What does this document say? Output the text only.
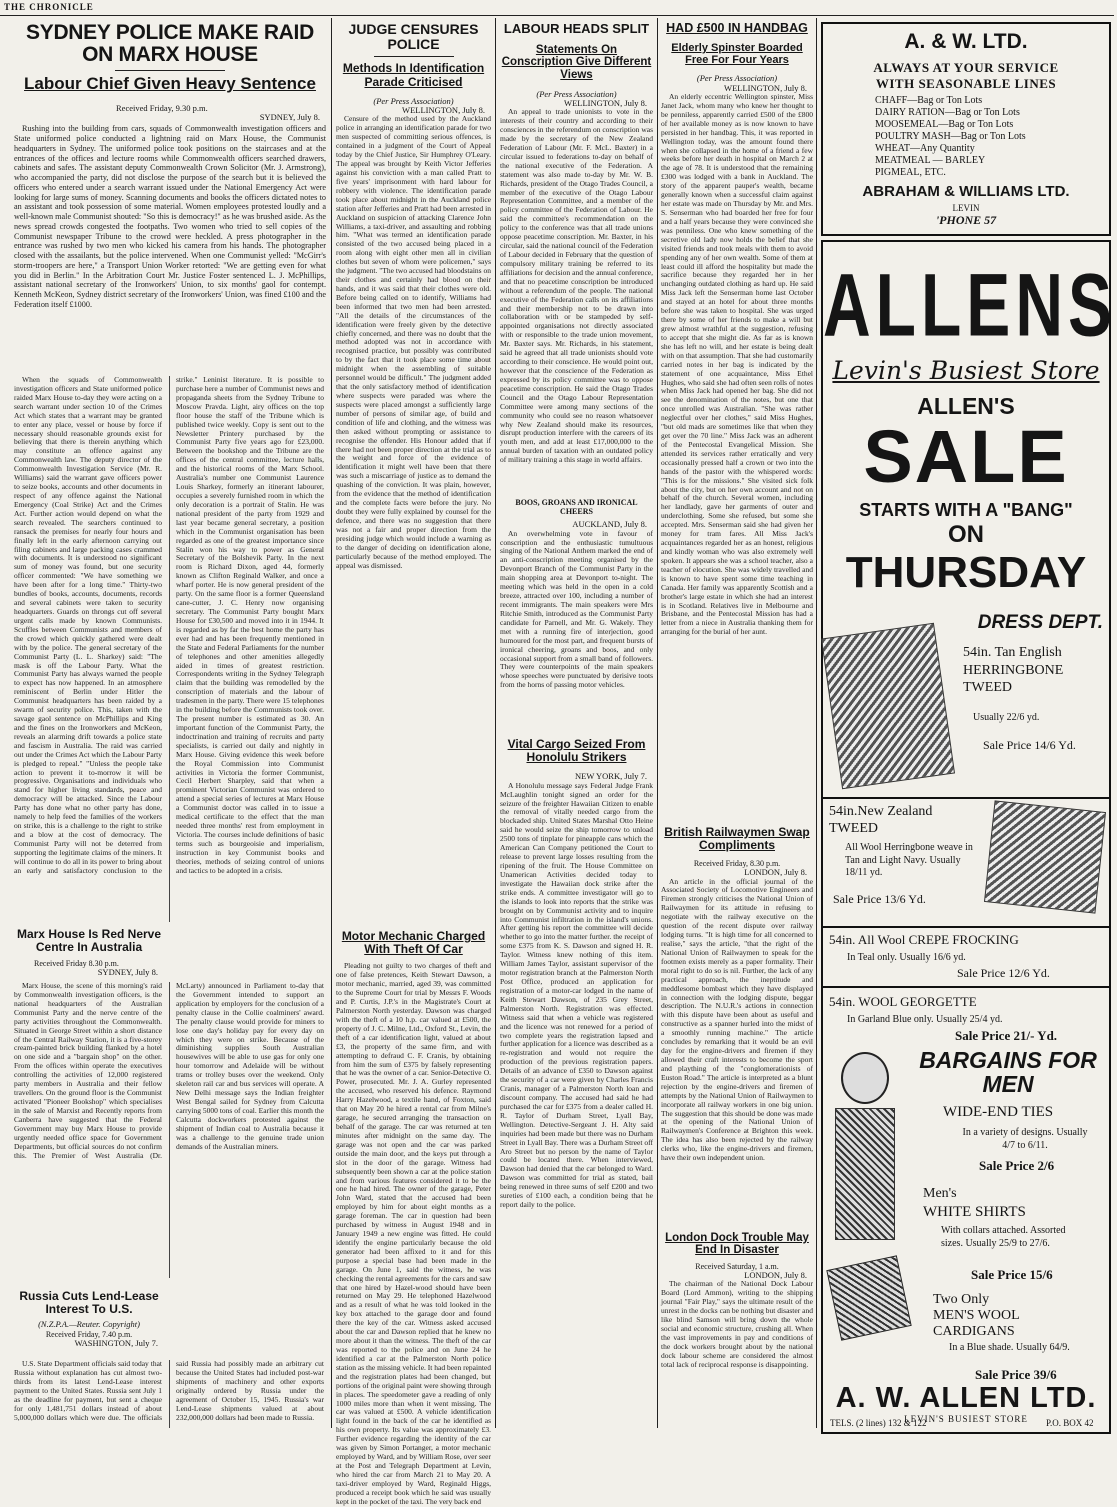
THE CHRONICLE
SYDNEY POLICE MAKE RAID ON MARX HOUSE
Labour Chief Given Heavy Sentence
Received Friday, 9.30 p.m.
SYDNEY, July 8.

Rushing into the building from cars, squads of Commonwealth investigation officers and State uniformed police conducted a lightning raid on Marx House, the Communist headquarters in Sydney. The uniformed police took positions on the staircases and at the entrances of the offices and lecture rooms while Commonwealth officers searched drawers, cabinets and safes. The assistant deputy Commonwealth Crown Solicitor (Mr. J. Armstrong), who accompanied the party, did not disclose the purpose of the search but it is believed the officers who entered under a search warrant issued under the National Emergency Act were looking for large sums of money. Scanning documents and books the officers dictated notes to an assistant and took possession of some material. Women employees protested loudly and a well-known male Communist shouted: "So this is democracy!" as he was brushed aside. As the news spread crowds congested the footpaths. Two women who tried to sell copies of the Communist newspaper Tribune to the crowd were heckled. A press photographer in the entrance was rushed by two men who kicked his camera from his hands. The photographer closed with the assailants, but the police intervened. When one Communist yelled: "McGirr's storm-troopers are here," a Transport Union Worker retorted: "We are getting even for what you did in Berlin." In the Arbitration Court Mr. Justice Foster sentenced L. J. McPhillips, assistant national secretary of the Ironworkers' Union, to six months' gaol for contempt. Kenneth McKeon, Sydney district secretary of the Ironworkers' Union, was fined £100 and the Federation itself £1000.

When the squads of Commonwealth investigation officers and State uniformed police raided Marx House to-day they were acting on a search warrant under section 10 of the Crimes Act which states that a warrant may be granted to enter any place, vessel or house by force if necessary should reasonable grounds exist for believing that there is therein anything which may constitute an offence against any Commonwealth law. The deputy director of the Commonwealth Investigation Service (Mr. R. Williams) said the warrant gave officers power to seize books, accounts and other documents in respect of any offence against the National Emergency (Coal Strike) Act and the Crimes Act. Further action would depend on what the search revealed. The searchers continued to ransack the premises for nearly four hours and finally left in the early afternoon carrying out filing cabinets and large packing cases crammed with documents. It is understood no significant sum of money was found, but one security officer commented: "We have something we have been after for a long time." Thirty-two bundles of books, accounts, documents, records and several cabinets were taken to security headquarters. Guards on throngs cut off several urgent calls made by known Communists. Scuffles between Communists and members of the crowd which quickly gathered were dealt with by the police. The general secretary of the Communist Party (L. L. Sharkey) said: "The mask is off the Labour Party. What the Communist Party has always warned the people to expect has now happened. In an atmosphere reminiscent of Berlin under Hitler the Communist headquarters has been raided by a swarm of security police. This, taken with the savage gaol sentence on McPhillips and King and the fines on the Ironworkers and McKeon, reveals an alarming drift towards a police state and fascism in Australia. The raid was carried out under the Crimes Act which the Labour Party is pledged to repeal." "Unless the people take action to prevent it to-morrow it will be progressive. Organisations and individuals who stand for higher living standards, peace and democracy will be attacked. Since the Labour Party has done what no other party has done, namely to help feed the families of the workers on strike, this is a challenge to the right to strike and a blow at the cost of democracy. The Communist Party will not be deterred from supporting the legitimate claims of the miners. It will continue to do all in its power to bring about an early and satisfactory conclusion to the strike." Leninist literature. It is possible to purchase here a number of Communist news and propaganda sheets from the Sydney Tribune to Moscow Pravda. Light, airy offices on the top floor house the staff of the Tribune which is published twice weekly. Copy is sent out to the Newsletter Printery purchased by the Communist Party five years ago for £23,000. Between the bookshop and the Tribune are the offices of the central committee, lecture halls, and the historical rooms of the Marx School. Australia's number one Communist Laurence Louis Sharkey, formerly an itinerant labourer, occupies a severely furnished room in which the only decoration is a portrait of Stalin. He was national president of the party from 1929 and last year became general secretary, a position which in the Communist organisation has been regarded as one of the greatest importance since Stalin won his way to power as General Secretary of the Bolshevik Party. In the next room is Richard Dixon, aged 44, formerly known as Clifton Reginald Walker, and once a wharf porter. He is now general president of the party. On the same floor is a former Queensland cane-cutter, J. C. Henry now organising secretary. The Communist Party bought Marx House for £30,500 and moved into it in 1944. It is regarded as by far the best home the party has ever had and has been frequently mentioned in the State and Federal Parliaments for the number of telephones and other amenities allegedly aided in times of greatest restriction. Correspondents writing in the Sydney Telegraph claim that the building was remodelled by the conscription of materials and the labour of tradesmen in the party. There were 15 telephones in the building before the Communists took over. The present number is estimated as 30. An important function of the Communist Party, the indoctrination and training of recruits and party specialists, is carried out daily and nightly in Marx House. Giving evidence this week before the Royal Commission into Communist activities in Victoria the former Communist, Cecil Herbert Sharpley, said that when a prominent Victorian Communist was ordered to attend a special series of lectures at Marx House a Communist doctor was called in to issue a medical certificate to the effect that the man needed three months' rest from employment in Victoria. The courses include definitions of basic terms such as bourgeoisie and imperialism, instruction in key Communist books and theories, methods of seizing control of unions and tactics to be adopted in a crisis.
Marx House Is Red Nerve Centre In Australia
Received Friday 8.30 p.m.
SYDNEY, July 8.
Marx House, the scene of this morning's raid by Commonwealth investigation officers, is the national headquarters of the Australian Communist Party and the nerve centre of the party activities throughout the Commonwealth. Situated in George Street within a short distance of the Central Railway Station, it is a five-storey cream-painted brick building flanked by a hotel on one side and a "bargain shop" on the other. From the offices within operate the executives controlling the activities of 12,000 registered party members in Australia and their fellow travellers. On the ground floor is the Communist activated "Pioneer Bookshop" which specialises in the sale of Marxist and Recently reports from Canberra have suggested that the Federal Government may buy Marx House to provide urgently needed office space for Government Departments, but official sources do not confirm this. The Premier of West Australia (Dr. McLarty) announced in Parliament to-day that the Government intended to support an application by employers for the conclusion of a penalty clause in the Collie coalminers' award. The penalty clause would provide for miners to lose one day's holiday pay for every day on which they were on strike. Because of the diminishing supplies South Australian housewives will be able to use gas for only one hour tomorrow and Adelaide will be without trams or trolley buses over the weekend. Only skeleton rail car and bus services will operate. A New Delhi message says the Indian freighter West Bengal sailed for Sydney from Calcutta carrying 5000 tons of coal. Earlier this month the Calcutta dockworkers protested against the shipment of Indian coal to Australia because it was a challenge to the genuine trade union demands of the Australian miners.
Russia Cuts Lend-Lease Interest To U.S.
(N.Z.P.A.—Reuter. Copyright)
Received Friday, 7.40 p.m.
WASHINGTON, July 7.
U.S. State Department officials said today that Russia without explanation has cut almost two-thirds from its latest Lend-Lease interest payment to the United States. Russia sent July 1 as the deadline for payment, but sent a cheque for only 1,481,751 dollars instead of about 5,000,000 dollars which were due. The officials said Russia had possibly made an arbitrary cut because the United States had included post-war shipments of machinery and other exports originally ordered by Russia under the agreement of October 15, 1945. Russia's war Lend-Lease shipments valued at about 232,000,000 dollars had been made to Russia.
JUDGE CENSURES POLICE
Methods In Identification Parade Criticised
(Per Press Association)
WELLINGTON, July 8.

Censure of the method used by the Auckland police in arranging an identification parade for two men suspected of committing serious offences, is contained in a judgment of the Court of Appeal today by the Chief Justice, Sir Humphrey O'Leary. The appeal was brought by Keith Victor Jefferies against his conviction with a man called Pratt to five years' imprisonment with hard labour for robbery with violence. The identification parade took place about midnight in the Auckland police station after Jefferies and Pratt had been arrested in Auckland on suspicion of attacking Clarence John Williams, a taxi-driver, and assaulting and robbing him. "What was termed an identification parade consisted of the two accused being placed in a room along with eight other men all in civilian clothes but seven of whom were policemen," says the judgment. "The two accused had bloodstains on their clothes and certainly had blood on their hands, and it was said that their clothes were old. Before being called on to identify, Williams had been informed that two men had been arrested. "All the details of the circumstances of the identification were freely given by the detective chiefly concerned, and there was no doubt that the method adopted was not in accordance with recognised practice, but possibly was contributed to by the fact that it took place some time about midnight when the assembling of suitable personnel would be difficult." The judgment added that the only satisfactory method of identification where suspects were paraded was where the suspects were placed amongst a sufficiently large number of persons of similar age, of build and condition of life and clothing, and the witness was then asked without prompting or assistance to recognise the offender. His Honour added that if there had not been proper direction at the trial as to the weight and force of the evidence of identification it might well have been that there was such a miscarriage of justice as to demand the quashing of the conviction. It was plain, however, from the evidence that the method of identification and the complete facts were before the jury. No doubt they were fully explained by counsel for the defence, and there was no suggestion that there was not a fair and proper direction from the presiding judge which would include a warning as to the danger of deciding on identification alone, particularly because of the method employed. The appeal was dismissed.

Motor Mechanic Charged With Theft Of Car

Pleading not guilty to two charges of theft and one of false pretences, Keith Stewart Dawson, a motor mechanic, married, aged 39, was committed to the Supreme Court for trial by Messrs F. Woods and P. Curtis, J.P.'s in the Magistrate's Court at Palmerston North yesterday. Dawson was charged with the theft of a 10 h.p. car valued at £500, the property of J. C. Milne, Ltd., Oxford St., Levin, the theft of a car identification light, valued at about £3, the property of the same firm, and with attempting to defraud C. F. Cranis, by obtaining from him the sum of £375 by falsely representing that he was the owner of a car. Senior-Detective O. Power, prosecuted. Mr. J. A. Gurley represented the accused, who reserved his defence. Raymond Harry Hazelwood, a textile hand, of Foxton, said that on May 20 he hired a rental car from Milne's garage, he secured arranging the transaction on behalf of the garage. The car was returned at ten minutes after midnight on the same day. The garage was not open and the car was parked outside the main door, and the keys put through a slot in the door of the garage. Witness had subsequently been shown a car at the police station and from various features considered it to be the one he had hired. The owner of the garage, Peter John Ward, stated that the accused had been employed by him for about eight months as a garage foreman. The car in question had been purchased by witness in August 1948 and in January 1949 a new engine was fitted. He could identify the engine particularly because the old generator had been affixed to it and for this purpose a special base had been made in the garage. On June 1, said the witness, he was checking the rental agreements for the cars and saw that one hired by Hazel-wood should have been returned on May 29. He telephoned Hazelwood and as a result of what he was told looked in the key box attached to the garage door and found there the key of the car. Witness asked accused about the car and Dawson replied that he knew no more about it than the witness. The theft of the car was reported to the police and on June 24 he identified a car at the Palmerston North police station as the missing vehicle. It had been repainted and the registration plates had been changed, but portions of the original paint were showing through in places. The speedometer gave a reading of only 1000 miles more than when it went missing. The car was valued at £500. A vehicle identification light found in the back of the car he identified as his own property. Its value was approximately £3. Further evidence regarding the identity of the car was given by Simon Portanger, a motor mechanic employed by Ward, and by William Rose, over seer at the Post and Telegraph Department at Levin, who hired the car from March 21 to May 20. A taxi-driver employed by Ward, Reginald Higgs, produced a receipt book which he said was usually kept in the pocket of the taxi. The very back end

LABOUR HEADS SPLIT
Statements On Conscription Give Different Views
(Per Press Association)
WELLINGTON, July 8.

An appeal to trade unionists to vote in the interests of their country and according to their consciences in the referendum on conscription was made by the secretary of the New Zealand Federation of Labour (Mr. F. McL. Baxter) in a circular issued to federations to-day on behalf of the national executive of the Federation. A statement was also made to-day by Mr. W. B. Richards, president of the Otago Trades Council, a member of the executive of the Otago Labour Representation Committee, and a member of the policy committee of the Federation of Labour. He said the committee's recommendation on the policy to the conference was that all trade unions oppose peacetime conscription. Mr. Baxter, in his circular, said the national council of the Federation of Labour decided in February that the question of compulsory military training be referred to its affiliations for decision and the annual conference, and that no peacetime conscription be introduced without a referendum of the people. The national executive of the Federation calls on its affiliations and their membership not to be drawn into collaboration with or be stampeded by self-appointed organisations not directly associated with or responsible to the trade union movement, Mr. Baxter says. Mr. Richards, in his statement, said he agreed that all trade unionists should vote according to their conscience. He would point out, however that the conscience of the Federation as expressed by its policy committee was to oppose peacetime conscription. He said the Otago Trades Council and the Otago Labour Representation Committee were among many sections of the community who could see no reason whatsoever why New Zealand should make its resources, disrupt production interfere with the careers of its youth men, and add at least £17,000,000 to the annual burden of taxation with an outdated policy of military training a this stage in world affairs.

BOOS, GROANS AND IRONICAL CHEERS
AUCKLAND, July 8.

An overwhelming vote in favour of conscription and the enthusiastic tumultuous singing of the National Anthem marked the end of an anti-conscription meeting organised by the Devonport Branch of the Communist Party in the main shopping area at Devonport to-night. The meeting which was held in the open in a cold breeze, attracted over 100, including a number of recent immigrants. The main speakers were Mrs Ritchie Smith, introduced as the Communist Party candidate for Parnell, and Mr. G. Wakely. They met with a running fire of interjection, good humoured for the most part, and frequent bursts of ironical cheering, groans and boos, and only occasional support from a small band of followers. They were counterpoints of the main speakers whose speeches were punctuated by derisive toots from the horns of passing motor vehicles.

Vital Cargo Seized From Honolulu Strikers
NEW YORK, July 7.

A Honolulu message says Federal Judge Frank McLaughlin tonight signed an order for the seizure of the freighter Hawaiian Citizen to enable the removal of vitally needed cargo from the blockaded ship. United States Marshal Otto Heine said he would seize the ship tomorrow to unload 2500 tons of tinplate for pineapple cans which the American Can Company petitioned the Court to release to prevent large losses resulting from the ripening of the fruit. The House Committee on Unamerican Activities decided today to investigate the Hawaiian dock strike after the strike ends. A committee investigator will go to the islands to look into reports that the strike was brought on by Communist activity and to inquire into Communist infiltration in the island's unions. After getting his report the committee will decide whether to go into the matter further. the receipt of some £375 from K. S. Dawson and signed H. R. Taylor. Witness knew nothing of this item. William James Taylor, assistant supervisor of the motor registration branch at the Palmerston North Post Office, produced an application for registration of a motor-car lodged in the name of Keith Stewart Dawson, of 235 Grey Street, Palmerston North. Registration was effected. Witness said that when a vehicle was registered and the licence was not renewed for a period of two complete years the registration lapsed and further application for a licence was described as a re-registration and would not require the production of the previous registration papers. Details of an advance of £350 to Dawson against the security of a car were given by Charles Francis Cranis, manager of a Palmerston North loan and discount company. The accused had said he had purchased the car for £375 from a dealer called H. R. Taylor of Durham Street, Lyall Bay, Wellington. Detective-Sergeant J. H. Alty said inquiries had been made but there was no Durham Street in Lyall Bay. There was a Durham Street off Aro Street but no person by the name of Taylor could be located there. When interviewed, Dawson had denied that the car belonged to Ward. Dawson was committed for trial as stated, bail being renewed in three sums of self £200 and two sureties of £100 each, a condition being that he report daily to the police.

HAD £500 IN HANDBAG
Elderly Spinster Boarded Free For Four Years
(Per Press Association)
WELLINGTON, July 8.

An elderly eccentric Wellington spinster, Miss Janet Jack, whom many who knew her thought to be penniless, apparently carried £500 of the £800 of her available money as is now known to have persisted in her handbag. This, it was reported in Wellington today, was the amount found there when she collapsed in the home of a friend a few weeks before her death in hospital on March 2 at the age of 78. It is understood that the remaining £300 was lodged with a bank in Auckland. The story of the apparent pauper's wealth, became generally known when a successful claim against her estate was made on Thursday by Mr. and Mrs. S. Senserman who had boarded her free for four and a half years because they were convinced she was penniless. One who knew something of the secretive old lady now holds the belief that she visited friends and took meals with them to avoid spending any of her own wealth. Some of them at least could ill afford the hospitality but made the sacrifice because they regarded her in her unchanging outdated clothing as hard up. He said Miss Jack left the Senserman home last October and stayed at an hotel for about three months before she was taken to hospital. She was urged there by some of her friends to make a will but grew almost wrathful at the suggestion, refusing to accept that she might die. As far as is known she has left no will, and her estate is being dealt with on that assumption. That she had customarily carried notes in her bag is indicated by the statement of one acquaintance, Miss Ethel Hughes, who said she had often seen rolls of notes when Miss Jack had opened her bag. She did not see the denomination of the notes, but one that once unrolled was Australian. "She was rather neglectful over her clothes," said Miss Hughes, "but old mads are sometimes like that when they get over the 70 line." Miss Jack was an adherent of the Pentecostal Evangelical Mission. She attended its services rather erratically and very occasionally pressed half a crown or two into the hands of the pastor with the whispered words: "This is for the missions." She visited sick folk about the city, but on her own account and not on behalf of the church. Several women, including her landlady, gave her garments of outer and underclothing. Some she refused, but some she accepted. Mrs. Senserman said she had given her money for tram fares. All Miss Jack's acquaintances regarded her as an honest, religious and kindly woman who was also extremely well spoken. It appears she was a school teacher, also a teacher of elocution. She was widely travelled and is known to have spent some time teaching in Canada. Her family was apparently Scottish and a brother's large estate in which she had an interest is in Scotland. Relatives live in Melbourne and Brisbane, and the Pentecostal Mission has had a letter from a niece in Australia thanking them for arranging for the burial of her aunt.

British Railwaymen Swap Compliments
Received Friday, 8.30 p.m.
LONDON, July 8.

An article in the official journal of the Associated Society of Locomotive Engineers and Firemen strongly criticises the National Union of Railwaymen for its attitude in refusing to negotiate with the railway executive on the question of the recent dispute over railway lodging turns. "It is high time for all concerned to realise," says the article, "that the right of the National Union of Railwaymen to speak for the footmen exists merely as a paper formality. Their moral right to do so is nil. Further, the lack of any practical approach, the ineptitude and meddlesome bombast which they have displayed in connection with the lodging dispute, beggar description. The N.U.R.'s actions in connection with this dispute have been about as useful and constructive as a spanner hurled into the midst of a smoothly running machine." The article concludes by remarking that it would be an evil day for the engine-drivers and firemen if they allowed their craft interests to become the sport and plaything of the "conglomerationists of Euston Road." The article is interpreted as a blunt rejection by the engine-drivers and firemen of attempts by the National Union of Railwaymen to incorporate all railway workers in one big union. The suggestion that this should be done was made at the opening of the National Union of Railwaymen's Conference at Brighton this week. The idea has also been rejected by the railway clerks who, like the engine-drivers and firemen, have their own independent union.

London Dock Trouble May End In Disaster
Received Saturday, 1 a.m.
LONDON, July 8.

The chairman of the National Dock Labour Board (Lord Ammon), writing to the shipping journal "Fair Play," says the ultimate result of the unrest in the docks can be nothing but disaster and like blind Samson will bring down the whole social and economic structure, crushing all. When the vast improvements in pay and conditions of the dock workers brought about by the national dock labour scheme are considered the almost total lack of reciprocal response is disappointing.

A. & W. LTD.
ALWAYS AT YOUR SERVICE
WITH SEASONABLE LINES
CHAFF—Bag or Ton Lots
DAIRY RATION—Bag or Ton Lots
MOOSEMEAL—Bag or Ton Lots
POULTRY MASH—Bag or Ton Lots
WHEAT—Any Quantity
MEATMEAL — BARLEY
PIGMEAL, ETC.
ABRAHAM & WILLIAMS LTD.
LEVIN
'PHONE 57
ALLENS
Levin's Busiest Store
ALLEN'S
SALE
STARTS WITH A "BANG"
ON
THURSDAY
DRESS DEPT.
54in. Tan English HERRINGBONE TWEED
Usually 22/6 yd.
Sale Price 14/6 Yd.
54in.New Zealand TWEED
All Wool Herringbone weave in Tan and Light Navy. Usually 18/11 yd.
Sale Price 13/6 Yd.
54in. All Wool CREPE FROCKING
In Teal only. Usually 16/6 yd.
Sale Price 12/6 Yd.
54in. WOOL GEORGETTE
In Garland Blue only. Usually 25/4 yd.
Sale Price 21/- Yd.
BARGAINS FOR MEN
WIDE-END TIES
In a variety of designs. Usually 4/7 to 6/11.
Sale Price 2/6
Men's
WHITE SHIRTS
With collars attached. Assorted sizes. Usually 25/9 to 27/6.
Sale Price 15/6
Two Only
MEN'S WOOL CARDIGANS
In a Blue shade. Usually 64/9.
Sale Price 39/6
A. W. ALLEN LTD.
LEVIN'S BUSIEST STORE
TELS. (2 lines) 132 & 122	P.O. BOX 42
